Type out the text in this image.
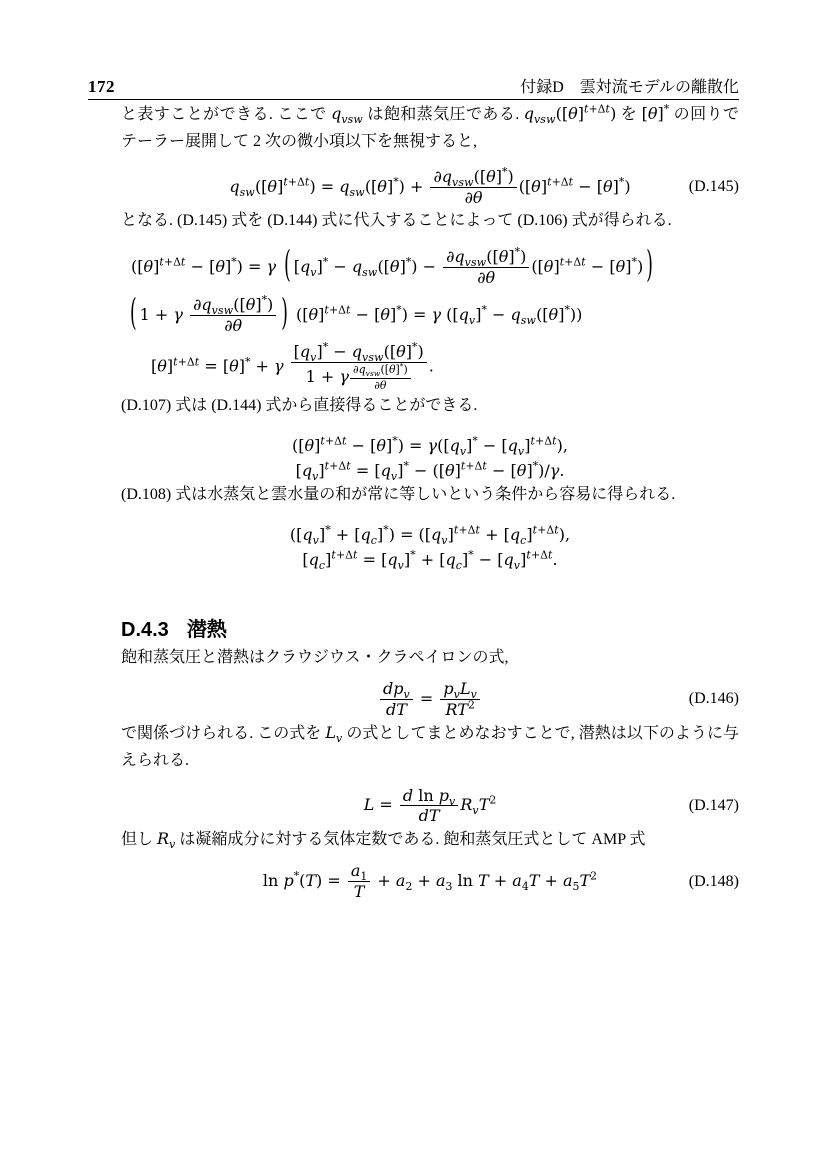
172	付録D　雲対流モデルの離散化

と表すことができる. ここで $q_{vsw}$ は飽和蒸気圧である. $q_{vsw}([\theta]^{t+\Delta t})$ を [θ]* の回りでテーラー展開して 2 次の微小項以下を無視すると,

$q_{sw}([\theta]^{t+\Delta t}) = q_{sw}([\theta]^*) + \frac{\partial q_{vsw}([\theta]^*)}{\partial\theta} ([\theta]^{t+\Delta t} - [\theta]^*)$	(D.145)

となる. (D.145) 式を (D.144) 式に代入することによって (D.106) 式が得られる.

$([\theta]^{t+\Delta t} - [\theta]^*) = \gamma$ ( $[q_v]^* - q_{sw}([\theta]^*) - \frac{\partial q_{vsw}([\theta]^*)}{\partial\theta} ([\theta]^{t+\Delta t} - [\theta]^*)$ )
( 1 + γ $\frac{\partial q_{vsw}([\theta]^*)}{\partial\theta}$ ) $([\theta]^{t+\Delta t} - [\theta]^*) = \gamma$ $([q_v]^* - q_{sw}([\theta]^*))$
$[\theta]^{t+\Delta t} = [\theta]^* + \gamma \frac{[q_v]^* - q_{vsw}([\theta]^*)}{1 + \gamma \frac{\partial q_{vsw}([\theta]^*)}{\partial\theta}}$ .

(D.107) 式は (D.144) 式から直接得ることができる.

$([\theta]^{t+\Delta t} - [\theta]^*) = \gamma([q_v]^* - [q_v]^{t+\Delta t})$,
$[q_v]^{t+\Delta t} = [q_v]^* - ([\theta]^{t+\Delta t} - [\theta]^*)/\gamma$.

(D.108) 式は水蒸気と雲水量の和が常に等しいという条件から容易に得られる.

$([q_v]^* + [q_c]^*) = ([q_v]^{t+\Delta t} + [q_c]^{t+\Delta t})$,
$[q_c]^{t+\Delta t} = [q_v]^* + [q_c]^* - [q_v]^{t+\Delta t}$.
D.4.3 潜熱

飽和蒸気圧と潜熱はクラウジウス・クラペイロンの式,

$\frac{dp_v}{dT} = \frac{p_vL_v}{RT^2}$	(D.146)

で関係づけられる. この式を $L_v$ の式としてまとめなおすことで, 潜熱は以下のように与えられる.

$L = \frac{d \ln p_v}{dT} R_vT^2$	(D.147)

但し $R_v$ は凝縮成分に対する気体定数である. 飽和蒸気圧式として AMP 式

$\ln p^*(T) = \frac{a_1}{T} + a_2 + a_3$ $\ln T + a_4T + a_5T^2$	(D.148)
